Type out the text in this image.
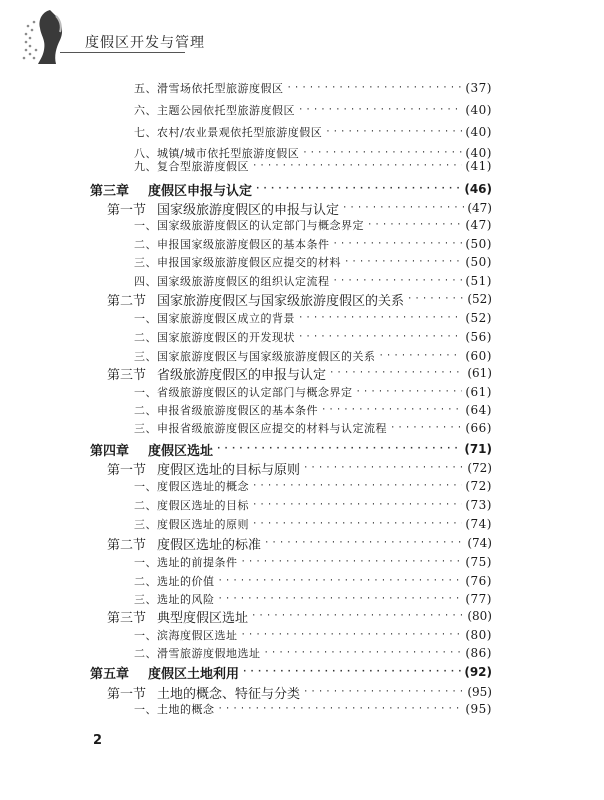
度假区开发与管理
五、 滑雪场依托型旅游度假区 ·····	(37)
六、 主题公园依托型旅游度假区 ·····	(40)
七、 农村/农业景观依托型旅游度假区 ·····	(40)
八、 城镇/城市依托型旅游度假区 ·····	(40)
九、 复合型旅游度假区 ·····	(41)
第三章	度假区申报与认定 ·····	(46)
第一节 国家级旅游度假区的申报与认定 ·····	(47)
一、 国家级旅游度假区的认定部门与概念界定 ·····	(47)
二、 申报国家级旅游度假区的基本条件 ·····	(50)
三、 申报国家级旅游度假区应提交的材料 ·····	(50)
四、 国家级旅游度假区的组织认定流程 ·····	(51)
第二节 国家旅游度假区与国家级旅游度假区的关系 ·····	(52)
一、 国家旅游度假区成立的背景 ·····	(52)
二、 国家旅游度假区的开发现状 ·····	(56)
三、 国家旅游度假区与国家级旅游度假区的关系 ·····	(60)
第三节 省级旅游度假区的申报与认定 ·····	(61)
一、 省级旅游度假区的认定部门与概念界定 ·····	(61)
二、 申报省级旅游度假区的基本条件 ·····	(64)
三、 申报省级旅游度假区应提交的材料与认定流程 ·····	(66)
第四章	度假区选址 ·····	(71)
第一节 度假区选址的目标与原则 ·····	(72)
一、 度假区选址的概念 ·····	(72)
二、 度假区选址的目标 ·····	(73)
三、 度假区选址的原则 ·····	(74)
第二节 度假区选址的标准 ·····	(74)
一、 选址的前提条件 ·····	(75)
二、 选址的价值 ·····	(76)
三、 选址的风险 ·····	(77)
第三节 典型度假区选址 ·····	(80)
一、 滨海度假区选址 ·····	(80)
二、 滑雪旅游度假地选址 ·····	(86)
第五章	度假区土地利用 ·····	(92)
第一节 土地的概念、特征与分类 ·····	(95)
一、 土地的概念 ·····	(95)
2
